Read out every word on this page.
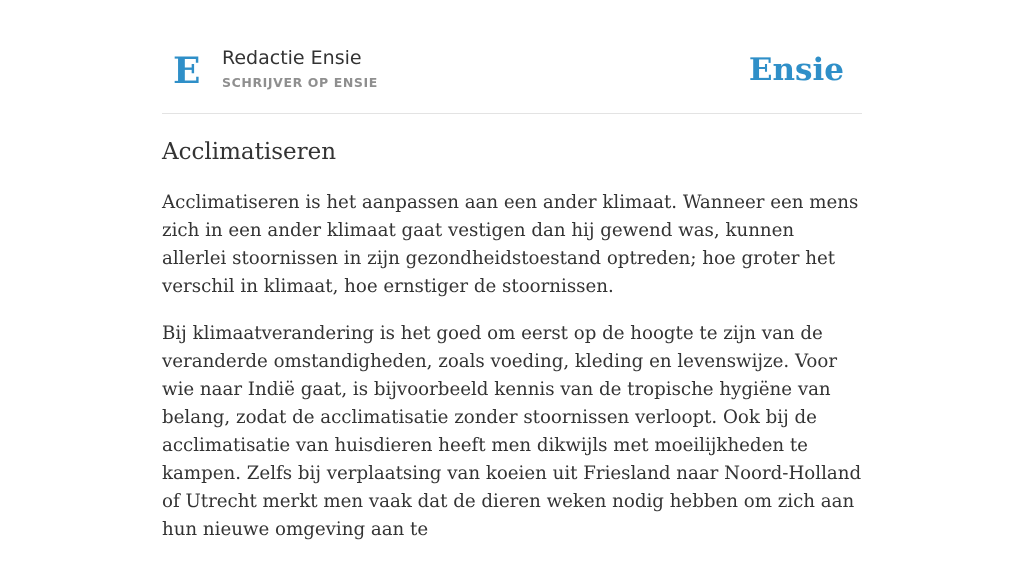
E Redactie Ensie
SCHRIJVER OP ENSIE	Ensie
Acclimatiseren

Acclimatiseren is het aanpassen aan een ander klimaat. Wanneer een mens zich in een ander klimaat gaat vestigen dan hij gewend was, kunnen allerlei stoornissen in zijn gezondheidstoestand optreden; hoe groter het verschil in klimaat, hoe ernstiger de stoornissen.

Bij klimaatverandering is het goed om eerst op de hoogte te zijn van de veranderde omstandigheden, zoals voeding, kleding en levenswijze. Voor wie naar Indië gaat, is bijvoorbeeld kennis van de tropische hygiëne van belang, zodat de acclimatisatie zonder stoornissen verloopt. Ook bij de acclimatisatie van huisdieren heeft men dikwijls met moeilijkheden te kampen. Zelfs bij verplaatsing van koeien uit Friesland naar Noord-Holland of Utrecht merkt men vaak dat de dieren weken nodig hebben om zich aan hun nieuwe omgeving aan te
